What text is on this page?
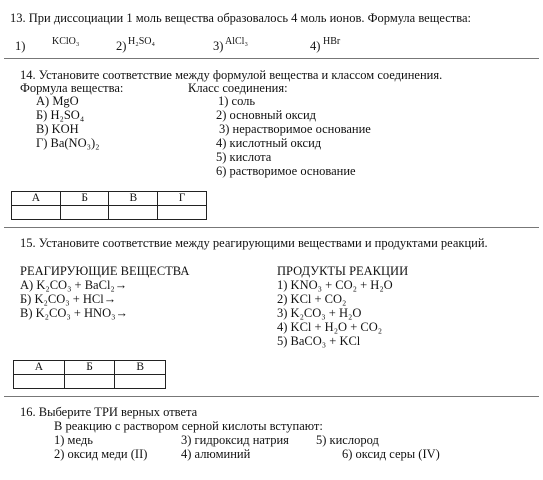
13. При диссоциации 1 моль вещества образовалось 4 моль ионов. Формула вещества:
1)	KClO₃	2) H₂SO₄	3) AlCl₃	4) HBr
14. Установите соответствие между формулой вещества и классом соединения.
Формула вещества:	Класс соединения:
А) MgO
Б) H₂SO₄
В) KOH
Г) Ba(NO₃)₂
1) соль
2) основный оксид
3) нерастворимое основание
4) кислотный оксид
5) кислота
6) растворимое основание
А	Б	В	Г

15. Установите соответствие между реагирующими веществами и продуктами реакций.
РЕАГИРУЮЩИЕ ВЕЩЕСТВА	ПРОДУКТЫ РЕАКЦИИ
А) K₂CO₃ + BaCl₂→
Б) K₂CO₃ + HCl→
В) K₂CO₃ + HNO₃→
1) KNO₃ + CO₂ + H₂O
2) KCl + CO₂
3) K₂CO₃ + H₂O
4) KCl + H₂O + CO₂
5) BaCO₃ + KCl
А	Б	В

16. Выберите ТРИ верных ответа
В реакцию с раствором серной кислоты вступают:
1) медь	3) гидроксид натрия 5) кислород
2) оксид меди (II)	4) алюминий	6) оксид серы (IV)
